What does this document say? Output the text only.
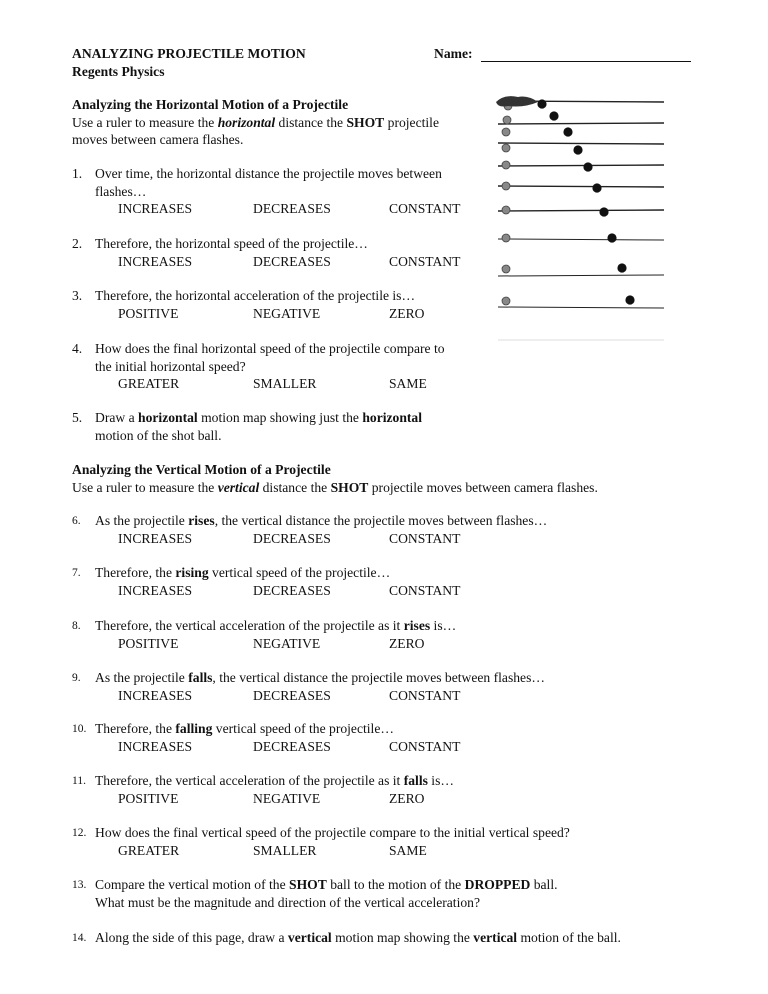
ANALYZING PROJECTILE MOTION
Regents Physics
Name:
Analyzing the Horizontal Motion of a Projectile
Use a ruler to measure the horizontal distance the SHOT projectile
moves between camera flashes.
1. Over time, the horizontal distance the projectile moves between
flashes…
INCREASES	DECREASES	CONSTANT
2. Therefore, the horizontal speed of the projectile…
INCREASES	DECREASES	CONSTANT
3. Therefore, the horizontal acceleration of the projectile is…
POSITIVE	NEGATIVE	ZERO
4. How does the final horizontal speed of the projectile compare to
the initial horizontal speed?
GREATER	SMALLER	SAME
5. Draw a horizontal motion map showing just the horizontal
motion of the shot ball.
Analyzing the Vertical Motion of a Projectile
Use a ruler to measure the vertical distance the SHOT projectile moves between camera flashes.
6. As the projectile rises, the vertical distance the projectile moves between flashes…
INCREASES	DECREASES	CONSTANT
7. Therefore, the rising vertical speed of the projectile…
INCREASES	DECREASES	CONSTANT
8. Therefore, the vertical acceleration of the projectile as it rises is…
POSITIVE	NEGATIVE	ZERO
9. As the projectile falls, the vertical distance the projectile moves between flashes…
INCREASES	DECREASES	CONSTANT
10. Therefore, the falling vertical speed of the projectile…
INCREASES	DECREASES	CONSTANT
11. Therefore, the vertical acceleration of the projectile as it falls is…
POSITIVE	NEGATIVE	ZERO
12. How does the final vertical speed of the projectile compare to the initial vertical speed?
GREATER	SMALLER	SAME
13. Compare the vertical motion of the SHOT ball to the motion of the DROPPED ball.
What must be the magnitude and direction of the vertical acceleration?
14. Along the side of this page, draw a vertical motion map showing the vertical motion of the ball.
